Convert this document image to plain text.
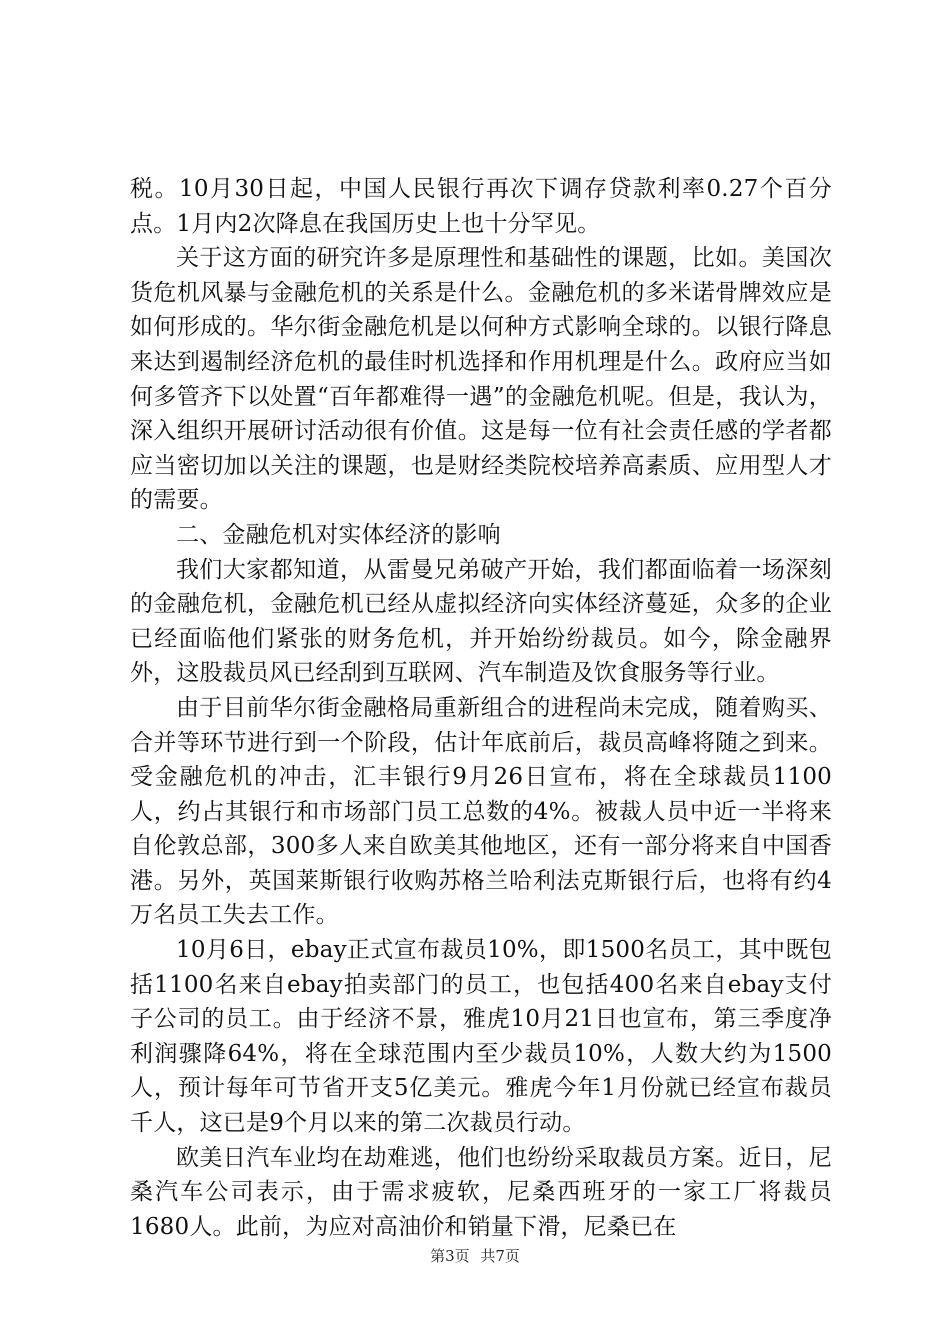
税。10月30日起，中国人民银行再次下调存贷款利率0.27个百分点。1月内2次降息在我国历史上也十分罕见。

关于这方面的研究许多是原理性和基础性的课题，比如。美国次货危机风暴与金融危机的关系是什么。金融危机的多米诺骨牌效应是如何形成的。华尔街金融危机是以何种方式影响全球的。以银行降息来达到遏制经济危机的最佳时机选择和作用机理是什么。政府应当如何多管齐下以处置“百年都难得一遇”的金融危机呢。但是，我认为，深入组织开展研讨活动很有价值。这是每一位有社会责任感的学者都应当密切加以关注的课题，也是财经类院校培养高素质、应用型人才的需要。

二、金融危机对实体经济的影响

我们大家都知道，从雷曼兄弟破产开始，我们都面临着一场深刻的金融危机，金融危机已经从虚拟经济向实体经济蔓延，众多的企业已经面临他们紧张的财务危机，并开始纷纷裁员。如今，除金融界外，这股裁员风已经刮到互联网、汽车制造及饮食服务等行业。

由于目前华尔街金融格局重新组合的进程尚未完成，随着购买、合并等环节进行到一个阶段，估计年底前后，裁员高峰将随之到来。受金融危机的冲击，汇丰银行9月26日宣布，将在全球裁员1100人，约占其银行和市场部门员工总数的4%。被裁人员中近一半将来自伦敦总部，300多人来自欧美其他地区，还有一部分将来自中国香港。另外，英国莱斯银行收购苏格兰哈利法克斯银行后，也将有约4万名员工失去工作。

10月6日，ebay正式宣布裁员10%，即1500名员工，其中既包括1100名来自ebay拍卖部门的员工，也包括400名来自ebay支付子公司的员工。由于经济不景，雅虎10月21日也宣布，第三季度净利润骤降64%，将在全球范围内至少裁员10%，人数大约为1500人，预计每年可节省开支5亿美元。雅虎今年1月份就已经宣布裁员千人，这已是9个月以来的第二次裁员行动。

欧美日汽车业均在劫难逃，他们也纷纷采取裁员方案。近日，尼桑汽车公司表示，由于需求疲软，尼桑西班牙的一家工厂将裁员1680人。此前，为应对高油价和销量下滑，尼桑已在

第3页 共7页
